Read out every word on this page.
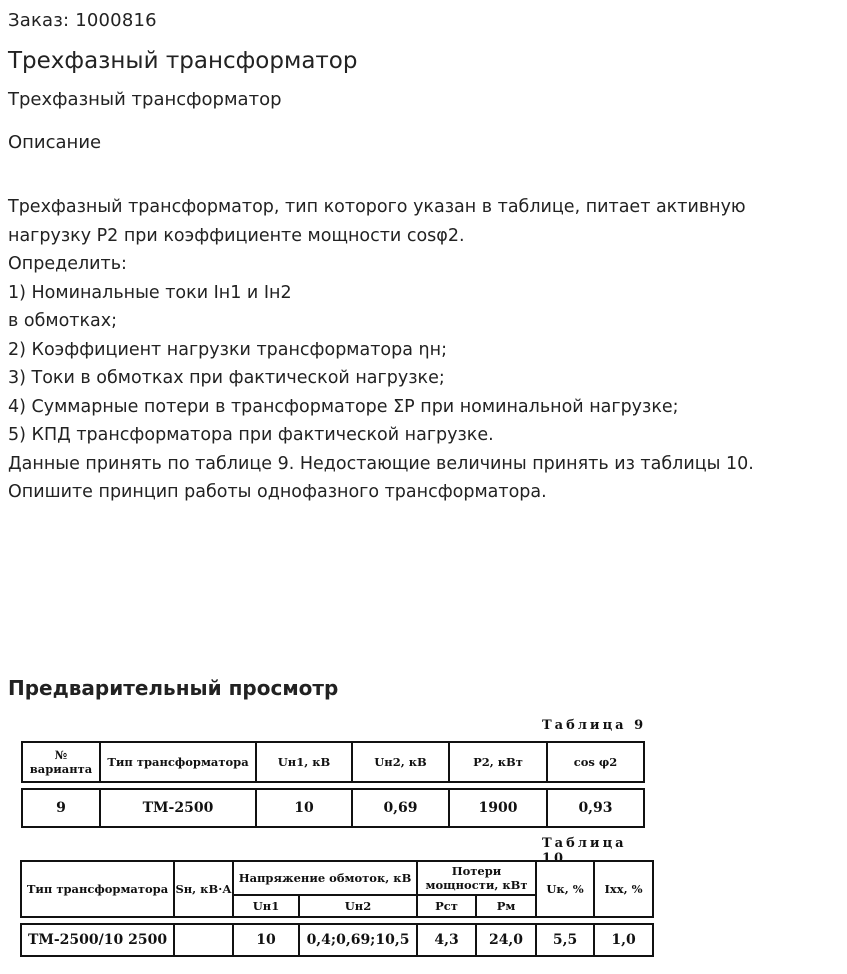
Заказ: 1000816
Трехфазный трансформатор
Трехфазный трансформатор
Описание
Трехфазный трансформатор, тип которого указан в таблице, питает активную
нагрузку Р2 при коэффициенте мощности cosφ2.
Определить:
1) Номинальные токи Iн1 и Iн2
в обмотках;
2) Коэффициент нагрузки трансформатора ηн;
3) Токи в обмотках при фактической нагрузке;
4) Суммарные потери в трансформаторе ΣР при номинальной нагрузке;
5) КПД трансформатора при фактической нагрузке.
Данные принять по таблице 9. Недостающие величины принять из таблицы 10.
Опишите принцип работы однофазного трансформатора.
Предварительный просмотр
Таблица 9
№ варианта	Тип трансформатора	Uн1, кВ	Uн2, кВ	P2, кВт	cos φ2

9	ТМ-2500	10	0,69	1900	0,93
Таблица 10
Тип трансформатора	Sн, кВ·А	Напряжение обмоток, кВ		Потери мощности, кВт		Uк, %	Iхх, %
		Uн1	Uн2	Pст	Pм		

ТМ-2500/10 2500		10	0,4;0,69;10,5	4,3	24,0	5,5	1,0
